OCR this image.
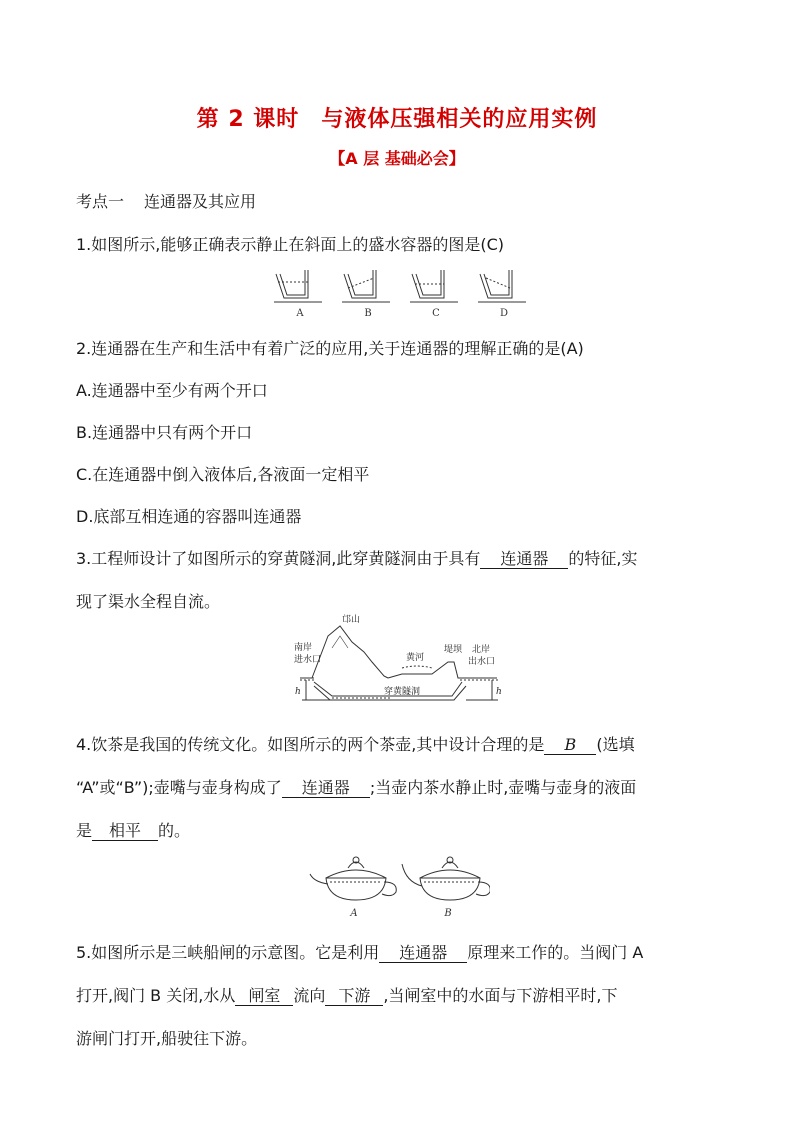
第 2 课时 与液体压强相关的应用实例
【A 层 基础必会】
考点一 连通器及其应用
1.如图所示,能够正确表示静止在斜面上的盛水容器的图是(C)
A	B	C	D
2.连通器在生产和生活中有着广泛的应用,关于连通器的理解正确的是(A)
A.连通器中至少有两个开口
B.连通器中只有两个开口
C.在连通器中倒入液体后,各液面一定相平
D.底部互相连通的容器叫连通器
3.工程师设计了如图所示的穿黄隧洞,此穿黄隧洞由于具有 连通器 的特征,实
现了渠水全程自流。
邙山
南岸
进水口	黄河
堤坝 北岸
出水口
穿黄隧洞
h	h
4.饮茶是我国的传统文化。如图所示的两个茶壶,其中设计合理的是 B (选填
“A”或“B”);壶嘴与壶身构成了 连通器 ;当壶内茶水静止时,壶嘴与壶身的液面
是 相平 的。
A	B
5.如图所示是三峡船闸的示意图。它是利用 连通器 原理来工作的。当阀门 A
打开,阀门 B 关闭,水从 闸室 流向 下游 ,当闸室中的水面与下游相平时,下
游闸门打开,船驶往下游。
